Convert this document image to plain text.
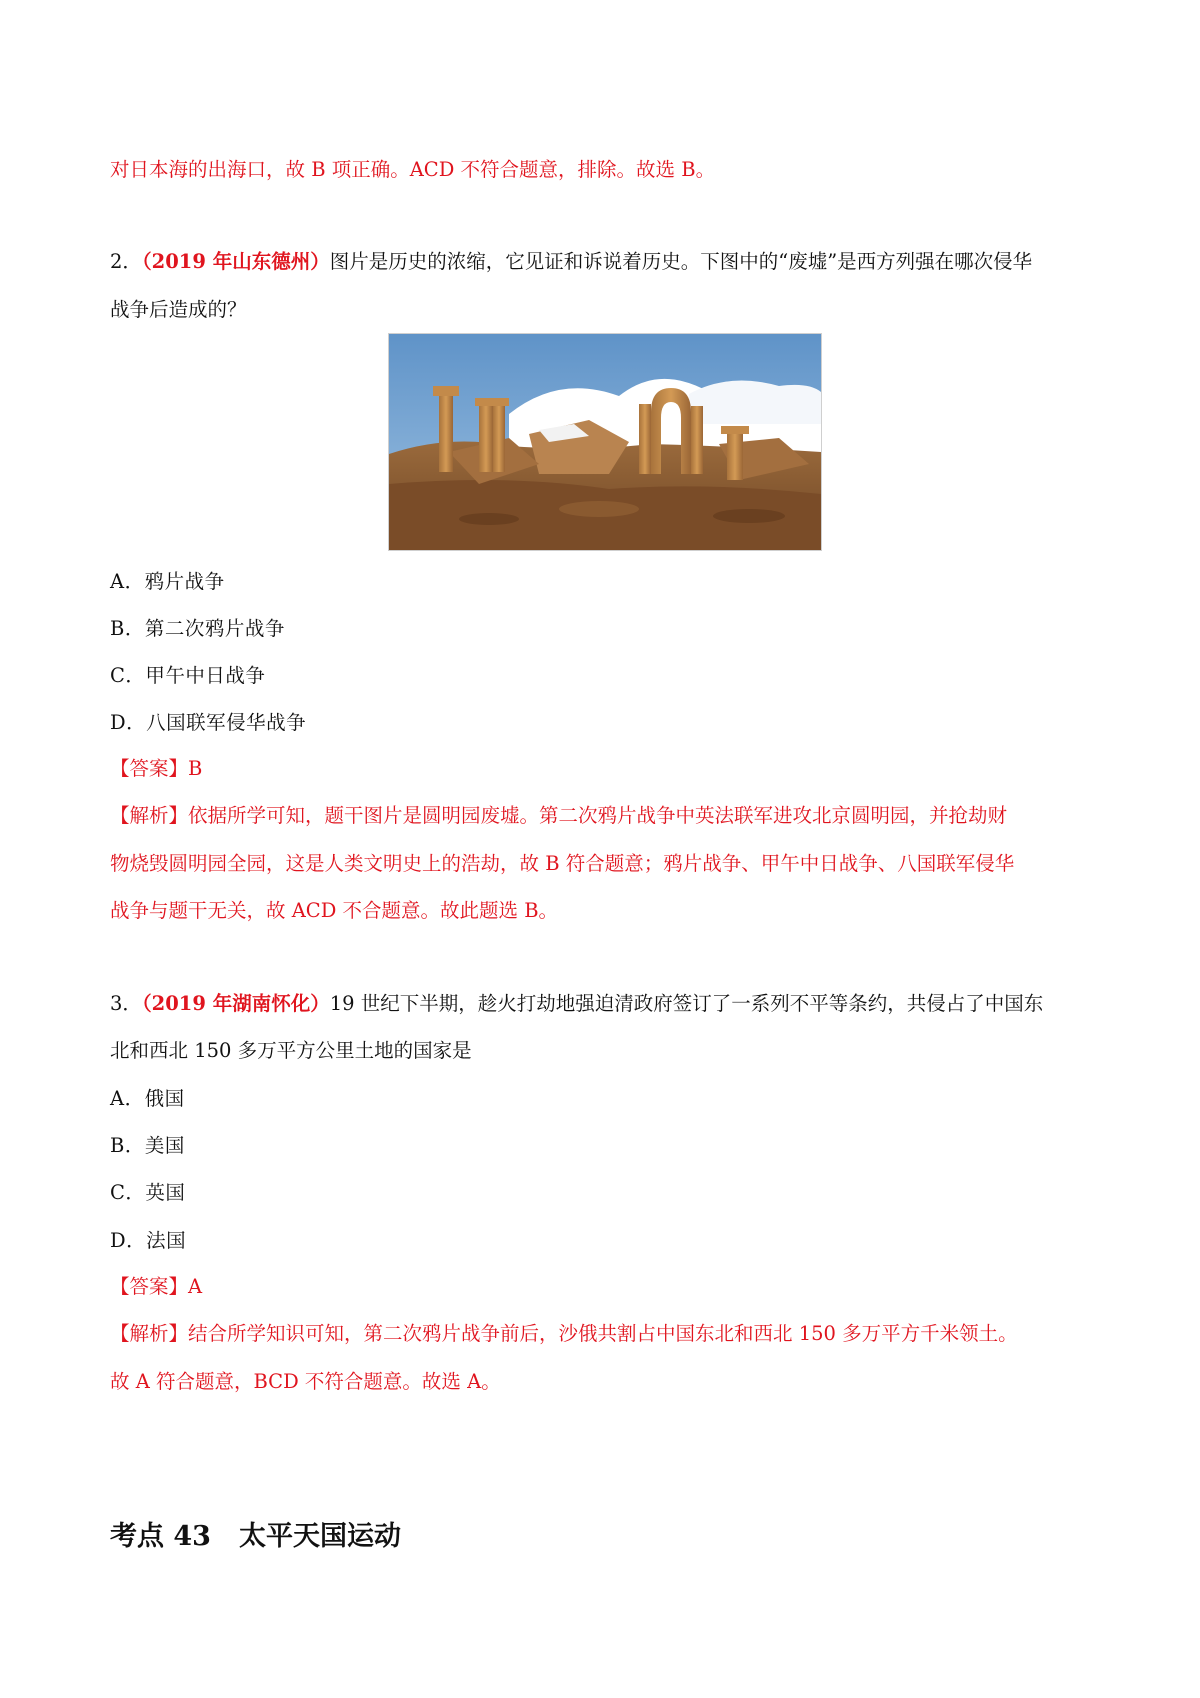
对日本海的出海口，故 B 项正确。ACD 不符合题意，排除。故选 B。
2．（2019 年山东德州）图片是历史的浓缩，它见证和诉说着历史。下图中的“废墟”是西方列强在哪次侵华
战争后造成的？
A．鸦片战争
B．第二次鸦片战争
C．甲午中日战争
D．八国联军侵华战争
【答案】B
【解析】依据所学可知，题干图片是圆明园废墟。第二次鸦片战争中英法联军进攻北京圆明园，并抢劫财
物烧毁圆明园全园，这是人类文明史上的浩劫，故 B 符合题意；鸦片战争、甲午中日战争、八国联军侵华
战争与题干无关，故 ACD 不合题意。故此题选 B。
3．（2019 年湖南怀化）19 世纪下半期，趁火打劫地强迫清政府签订了一系列不平等条约，共侵占了中国东
北和西北 150 多万平方公里土地的国家是
A．俄国
B．美国
C．英国
D．法国
【答案】A
【解析】结合所学知识可知，第二次鸦片战争前后，沙俄共割占中国东北和西北 150 多万平方千米领土。
故 A 符合题意，BCD 不符合题意。故选 A。
考点 43 太平天国运动
